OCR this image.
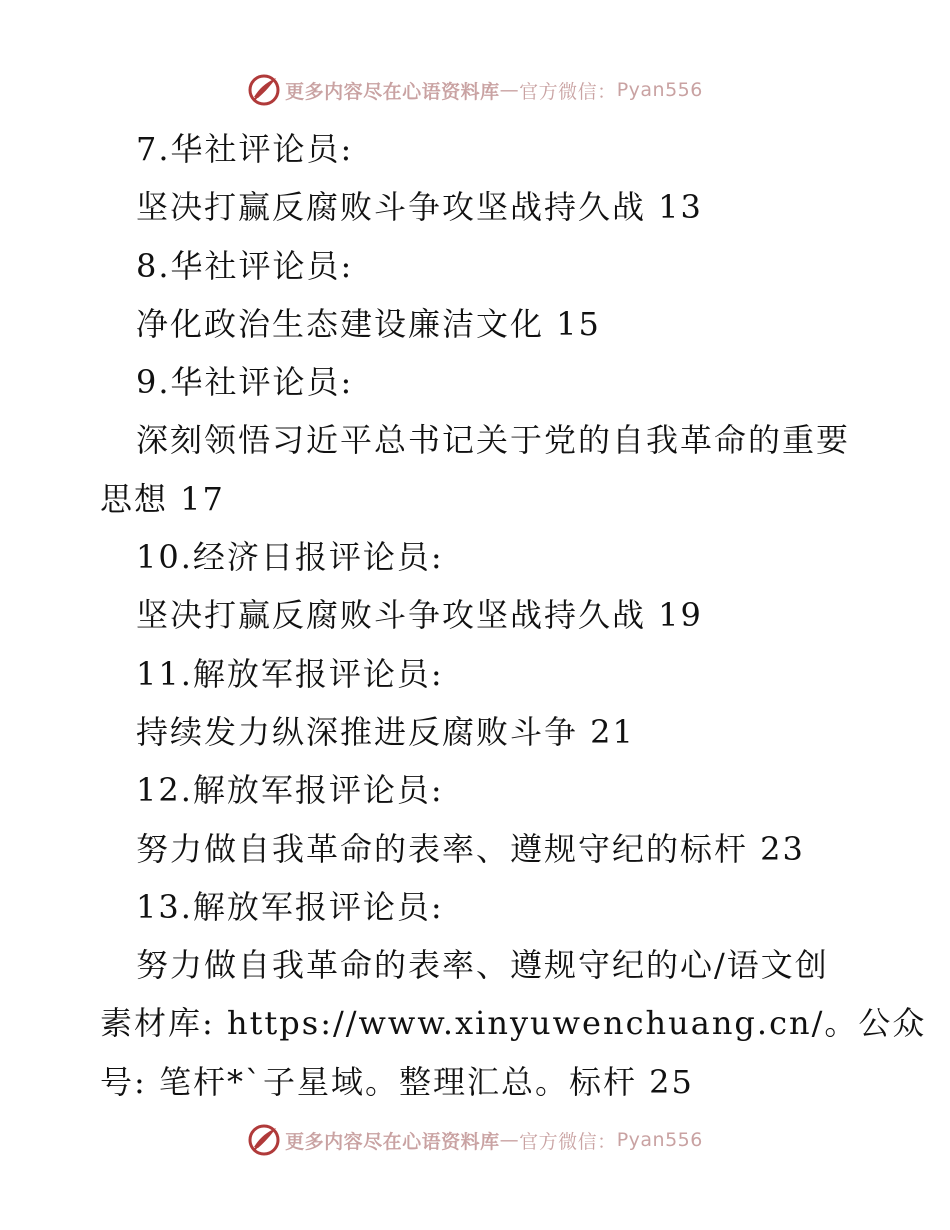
更多内容尽在心语资料库 — 官方微信： Pyan556
7.华社评论员:
坚决打赢反腐败斗争攻坚战持久战 13
8.华社评论员:
净化政治生态建设廉洁文化 15
9.华社评论员:
深刻领悟习近平总书记关于党的自我革命的重要
思想 17
10.经济日报评论员:
坚决打赢反腐败斗争攻坚战持久战 19
11.解放军报评论员:
持续发力纵深推进反腐败斗争 21
12.解放军报评论员:
努力做自我革命的表率、遵规守纪的标杆 23
13.解放军报评论员:
努力做自我革命的表率、遵规守纪的心/语文创
素材库: https://www.xinyuwenchuang.cn/。公众
号: 笔杆*`子星域。整理汇总。标杆 25
更多内容尽在心语资料库 — 官方微信： Pyan556
